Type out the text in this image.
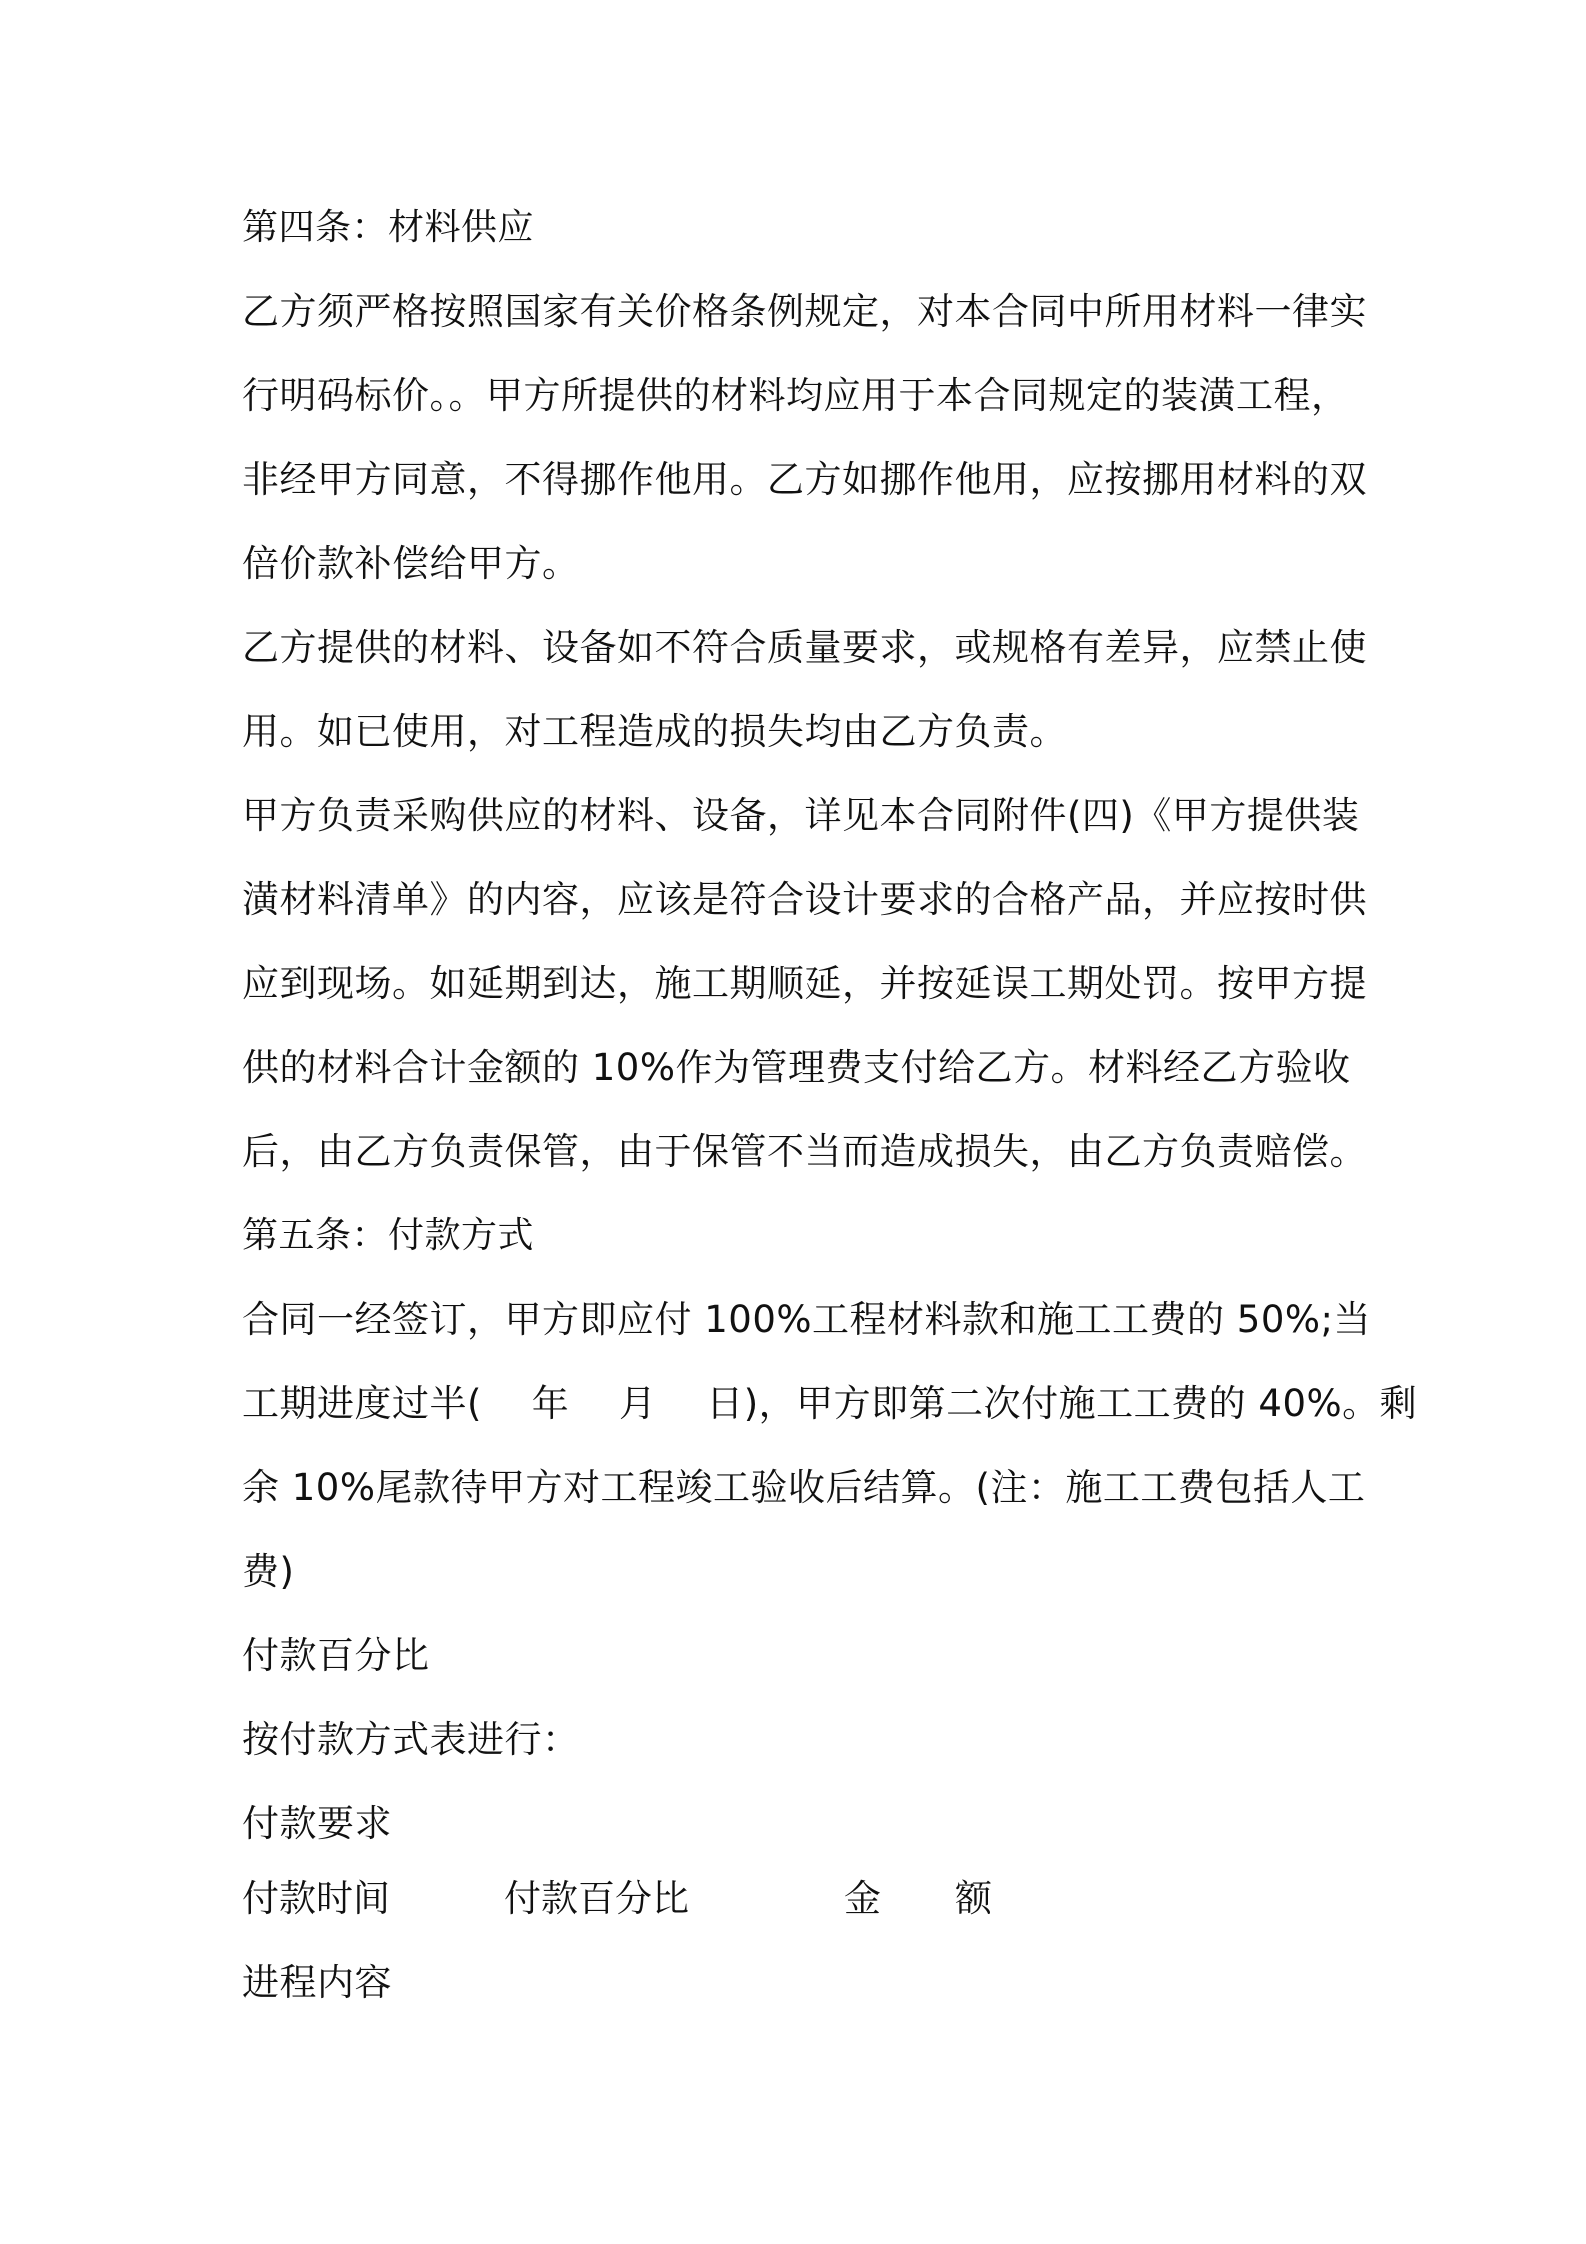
第四条：材料供应
乙方须严格按照国家有关价格条例规定，对本合同中所用材料一律实
行明码标价。。甲方所提供的材料均应用于本合同规定的装潢工程，
非经甲方同意，不得挪作他用。乙方如挪作他用，应按挪用材料的双
倍价款补偿给甲方。
乙方提供的材料、设备如不符合质量要求，或规格有差异，应禁止使
用。如已使用，对工程造成的损失均由乙方负责。
甲方负责采购供应的材料、设备，详见本合同附件(四)《甲方提供装
潢材料清单》的内容，应该是符合设计要求的合格产品，并应按时供
应到现场。如延期到达，施工期顺延，并按延误工期处罚。按甲方提
供的材料合计金额的 10%作为管理费支付给乙方。材料经乙方验收
后，由乙方负责保管，由于保管不当而造成损失，由乙方负责赔偿。
第五条：付款方式
合同一经签订，甲方即应付 100%工程材料款和施工工费的 50%;当
工期进度过半(　 年　 月　 日)，甲方即第二次付施工工费的 40%。剩
余 10%尾款待甲方对工程竣工验收后结算。(注：施工工费包括人工
费)
付款百分比
按付款方式表进行：
付款要求
付款时间	付款百分比	金　　额
进程内容
